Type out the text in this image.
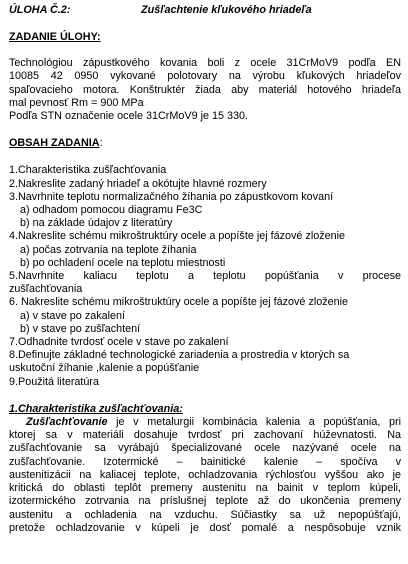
ÚLOHA Č.2:	Zušľachtenie kľukového hriadeľa
ZADANIE ÚLOHY:
Technológiou zápustkového kovania boli z ocele 31CrMoV9 podľa EN
10085 42 0950 vykované polotovary na výrobu kľukových hriadeľov
spaľovacieho motora. Konštruktér žiada aby materiál hotového hriadeľa
mal pevnosť Rm = 900 MPa
Podľa STN označenie ocele 31CrMoV9 je 15 330.
OBSAH ZADANIA:
1.Charakteristika zušľachťovania
2.Nakreslite zadaný hriadeľ a okótujte hlavné rozmery
3.Navrhnite teplotu normalizačného žíhania po zápustkovom kovaní
a) odhadom pomocou diagramu Fe3C
b) na základe údajov z literatúry
4.Nakreslite schému mikroštruktúry ocele a popíšte jej fázové zloženie
a) počas zotrvania na teplote žíhania
b) po ochladení ocele na teplotu miestnosti
5.Navrhnite kaliacu teplotu a teplotu popúšťania v procese
zušľachťovania
6. Nakreslite schému mikroštruktúry ocele a popíšte jej fázové zloženie
a) v stave po zakalení
b) v stave po zušľachtení
7.Odhadnite tvrdosť ocele v stave po zakalení
8.Definujte základné technologické zariadenia a prostredia v ktorých sa
uskutoční žíhanie ,kalenie a popúšťanie
9.Použitá literatúra
1.Charakteristika zušľachťovania:
Zušľachťovanie je v metalurgii kombinácia kalenia a popúšťania, pri
ktorej sa v materiáli dosahuje tvrdosť pri zachovaní húževnatosti. Na
zušľachťovanie sa vyrábajú špecializované ocele nazývané ocele na
zušľachťovanie. Izotermické – bainitické kalenie – spočíva v
austenitizácii na kaliacej teplote, ochladzovania rýchlosťou vyššou ako je
kritická do oblasti teplôt premeny austenitu na bainit v teplom kúpeli,
izotermického zotrvania na príslušnej teplote až do ukončenia premeny
austenitu a ochladenia na vzduchu. Súčiastky sa už nepopúšťajú,
pretože ochladzovanie v kúpeli je dosť pomalé a nespôsobuje vznik
